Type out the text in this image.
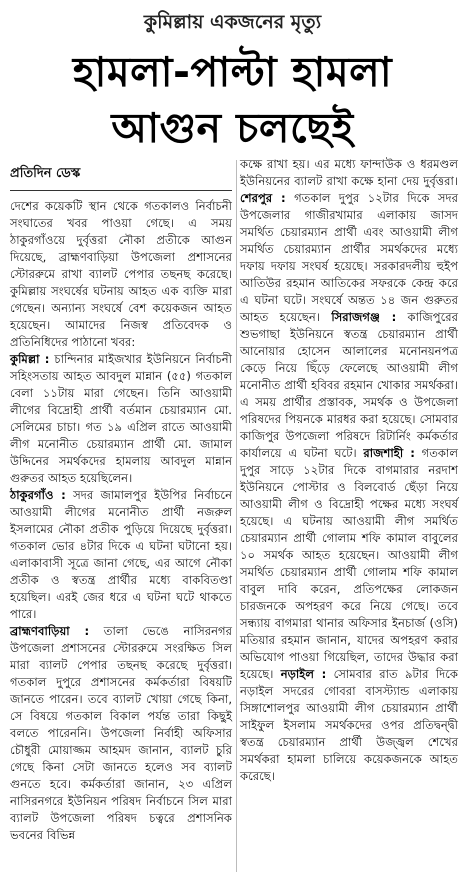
কুমিল্লায় একজনের মৃত্যু
হামলা-পাল্টা হামলা
আগুন চলছেই
প্রতিদিন ডেস্ক

দেশের কয়েকটি স্থান থেকে গতকালও নির্বাচনী সংঘাতের খবর পাওয়া গেছে। এ সময় ঠাকুরগাঁওয়ে দুর্বৃত্তরা নৌকা প্রতীকে আগুন দিয়েছে, ব্রাহ্মণবাড়িয়া উপজেলা প্রশাসনের স্টোররুমে রাখা ব্যালট পেপার তছনছ করেছে। কুমিল্লায় সংঘর্ষের ঘটনায় আহত এক ব্যক্তি মারা গেছেন। অন্যান্য সংঘর্ষে বেশ কয়েকজন আহত হয়েছেন। আমাদের নিজস্ব প্রতিবেদক ও প্রতিনিধিদের পাঠানো খবর:

কুমিল্লা : চান্দিনার মাইজখার ইউনিয়নে নির্বাচনী সহিংসতায় আহত আবদুল মান্নান (৫৫) গতকাল বেলা ১১টায় মারা গেছেন। তিনি আওয়ামী লীগের বিদ্রোহী প্রার্থী বর্তমান চেয়ারম্যান মো. সেলিমের চাচা। গত ১৯ এপ্রিল রাতে আওয়ামী লীগ মনোনীত চেয়ারম্যান প্রার্থী মো. জামাল উদ্দিনের সমর্থকদের হামলায় আবদুল মান্নান গুরুতর আহত হয়েছিলেন।

ঠাকুরগাঁও : সদর জামালপুর ইউপির নির্বাচনে আওয়ামী লীগের মনোনীত প্রার্থী নজরুল ইসলামের নৌকা প্রতীক পুড়িয়ে দিয়েছে দুর্বৃত্তরা। গতকাল ভোর ৪টার দিকে এ ঘটনা ঘটানো হয়। এলাকাবাসী সূত্রে জানা গেছে, এর আগে নৌকা প্রতীক ও স্বতন্ত্র প্রার্থীর মধ্যে বাকবিতণ্ডা হয়েছিল। এরই জের ধরে এ ঘটনা ঘটে থাকতে পারে।

ব্রাহ্মণবাড়িয়া : তালা ভেঙে নাসিরনগর উপজেলা প্রশাসনের স্টোররুমে সংরক্ষিত সিল মারা ব্যালট পেপার তছনছ করেছে দুর্বৃত্তরা। গতকাল দুপুরে প্রশাসনের কর্মকর্তারা বিষয়টি জানতে পারেন। তবে ব্যালট খোয়া গেছে কিনা, সে বিষয়ে গতকাল বিকাল পর্যন্ত তারা কিছুই বলতে পারেননি। উপজেলা নির্বাহী অফিসার চৌধুরী মোয়াজ্জম আহমদ জানান, ব্যালট চুরি গেছে কিনা সেটা জানতে হলেও সব ব্যালট গুনতে হবে। কর্মকর্তারা জানান, ২৩ এপ্রিল নাসিরনগরে ইউনিয়ন পরিষদ নির্বাচনে সিল মারা ব্যালট উপজেলা পরিষদ চত্বরে প্রশাসনিক ভবনের বিভিন্ন

কক্ষে রাখা হয়। এর মধ্যে ফান্দাউক ও ধরমণ্ডল ইউনিয়নের ব্যালট রাখা কক্ষে হানা দেয় দুর্বৃত্তরা। শেরপুর : গতকাল দুপুর ১২টার দিকে সদর উপজেলার গাজীরখামার এলাকায় জাসদ সমর্থিত চেয়ারম্যান প্রার্থী এবং আওয়ামী লীগ সমর্থিত চেয়ারম্যান প্রার্থীর সমর্থকদের মধ্যে দফায় দফায় সংঘর্ষ হয়েছে। সরকারদলীয় হুইপ আতিউর রহমান আতিকের সফরকে কেন্দ্র করে এ ঘটনা ঘটে। সংঘর্ষে অন্তত ১৪ জন গুরুতর আহত হয়েছেন। সিরাজগঞ্জ : কাজিপুরের শুভগাছা ইউনিয়নে স্বতন্ত্র চেয়ারম্যান প্রার্থী আনোয়ার হোসেন আলালের মনোনয়নপত্র কেড়ে নিয়ে ছিঁড়ে ফেলেছে আওয়ামী লীগ মনোনীত প্রার্থী হবিবর রহমান খোকার সমর্থকরা। এ সময় প্রার্থীর প্রস্তাবক, সমর্থক ও উপজেলা পরিষদের পিয়নকে মারধর করা হয়েছে। সোমবার কাজিপুর উপজেলা পরিষদে রিটার্নিং কর্মকর্তার কার্যালয়ে এ ঘটনা ঘটে। রাজশাহী : গতকাল দুপুর সাড়ে ১২টার দিকে বাগমারার নরদাশ ইউনিয়নে পোস্টার ও বিলবোর্ড ছেঁড়া নিয়ে আওয়ামী লীগ ও বিদ্রোহী পক্ষের মধ্যে সংঘর্ষ হয়েছে। এ ঘটনায় আওয়ামী লীগ সমর্থিত চেয়ারম্যান প্রার্থী গোলাম শফি কামাল বাবুলের ১০ সমর্থক আহত হয়েছেন। আওয়ামী লীগ সমর্থিত চেয়ারম্যান প্রার্থী গোলাম শফি কামাল বাবুল দাবি করেন, প্রতিপক্ষের লোকজন চারজনকে অপহরণ করে নিয়ে গেছে। তবে সন্ধ্যায় বাগমারা থানার অফিসার ইনচার্জ (ওসি) মতিয়ার রহমান জানান, যাদের অপহরণ করার অভিযোগ পাওয়া গিয়েছিল, তাদের উদ্ধার করা হয়েছে। নড়াইল : সোমবার রাত ৯টার দিকে নড়াইল সদরের গোবরা বাসস্ট্যান্ড এলাকায় সিঙ্গাশোলপুর আওয়ামী লীগ চেয়ারম্যান প্রার্থী সাইফুল ইসলাম সমর্থকদের ওপর প্রতিদ্বন্দ্বী স্বতন্ত্র চেয়ারম্যান প্রার্থী উজ্জ্বল শেখের সমর্থকরা হামলা চালিয়ে কয়েকজনকে আহত করেছে।
